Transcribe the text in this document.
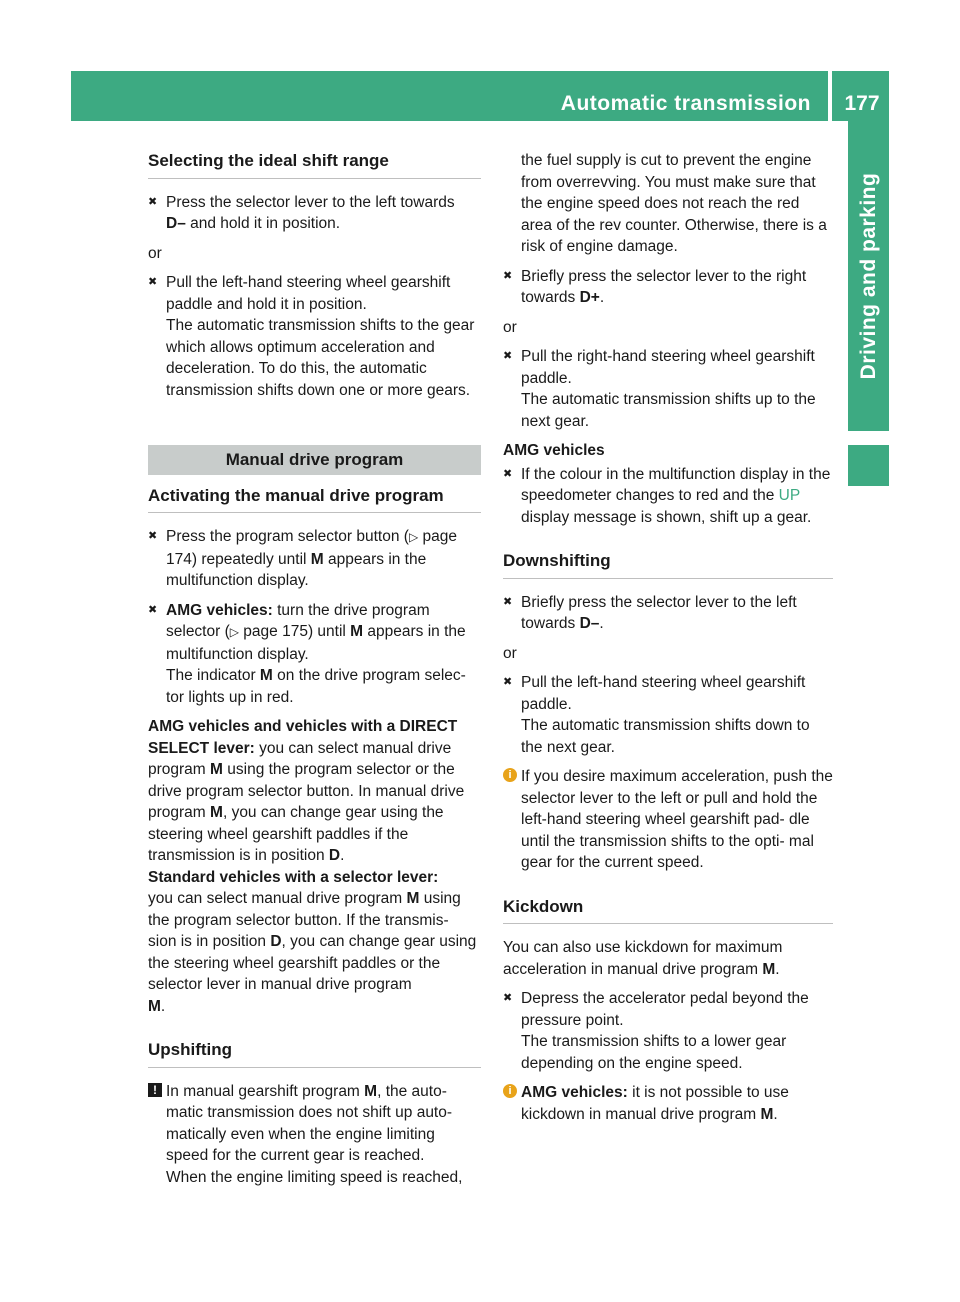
Automatic transmission	177
Driving and parking
Selecting the ideal shift range
✖ Press the selector lever to the left towards
D– and hold it in position.
or
✖ Pull the left-hand steering wheel gearshift paddle and hold it in position.
The automatic transmission shifts to the gear which allows optimum acceleration and deceleration. To do this, the automatic transmission shifts down one or more gears.
Manual drive program
Activating the manual drive program
✖ Press the program selector button (▷ page 174) repeatedly until M appears in the multifunction display.
✖ AMG vehicles: turn the drive program selector (▷ page 175) until M appears in the multifunction display.
The indicator M on the drive program selec- tor lights up in red.
AMG vehicles and vehicles with a DIRECT SELECT lever: you can select manual drive program M using the program selector or the drive program selector button. In manual drive program M, you can change gear using the steering wheel gearshift paddles if the transmission is in position D.
Standard vehicles with a selector lever:
you can select manual drive program M using the program selector button. If the transmis- sion is in position D, you can change gear using the steering wheel gearshift paddles or the selector lever in manual drive program
M.
Upshifting
! In manual gearshift program M, the auto- matic transmission does not shift up auto- matically even when the engine limiting speed for the current gear is reached.
When the engine limiting speed is reached,
the fuel supply is cut to prevent the engine from overrevving. You must make sure that the engine speed does not reach the red area of the rev counter. Otherwise, there is a risk of engine damage.
✖ Briefly press the selector lever to the right towards D+.
or
✖ Pull the right-hand steering wheel gearshift paddle.
The automatic transmission shifts up to the next gear.
AMG vehicles
✖ If the colour in the multifunction display in the speedometer changes to red and the UP display message is shown, shift up a gear.
Downshifting
✖ Briefly press the selector lever to the left towards D–.
or
✖ Pull the left-hand steering wheel gearshift paddle.
The automatic transmission shifts down to the next gear.
i If you desire maximum acceleration, push the selector lever to the left or pull and hold the left-hand steering wheel gearshift pad- dle until the transmission shifts to the opti- mal gear for the current speed.
Kickdown
You can also use kickdown for maximum acceleration in manual drive program M.
✖ Depress the accelerator pedal beyond the pressure point.
The transmission shifts to a lower gear depending on the engine speed.
i AMG vehicles: it is not possible to use kickdown in manual drive program M.
